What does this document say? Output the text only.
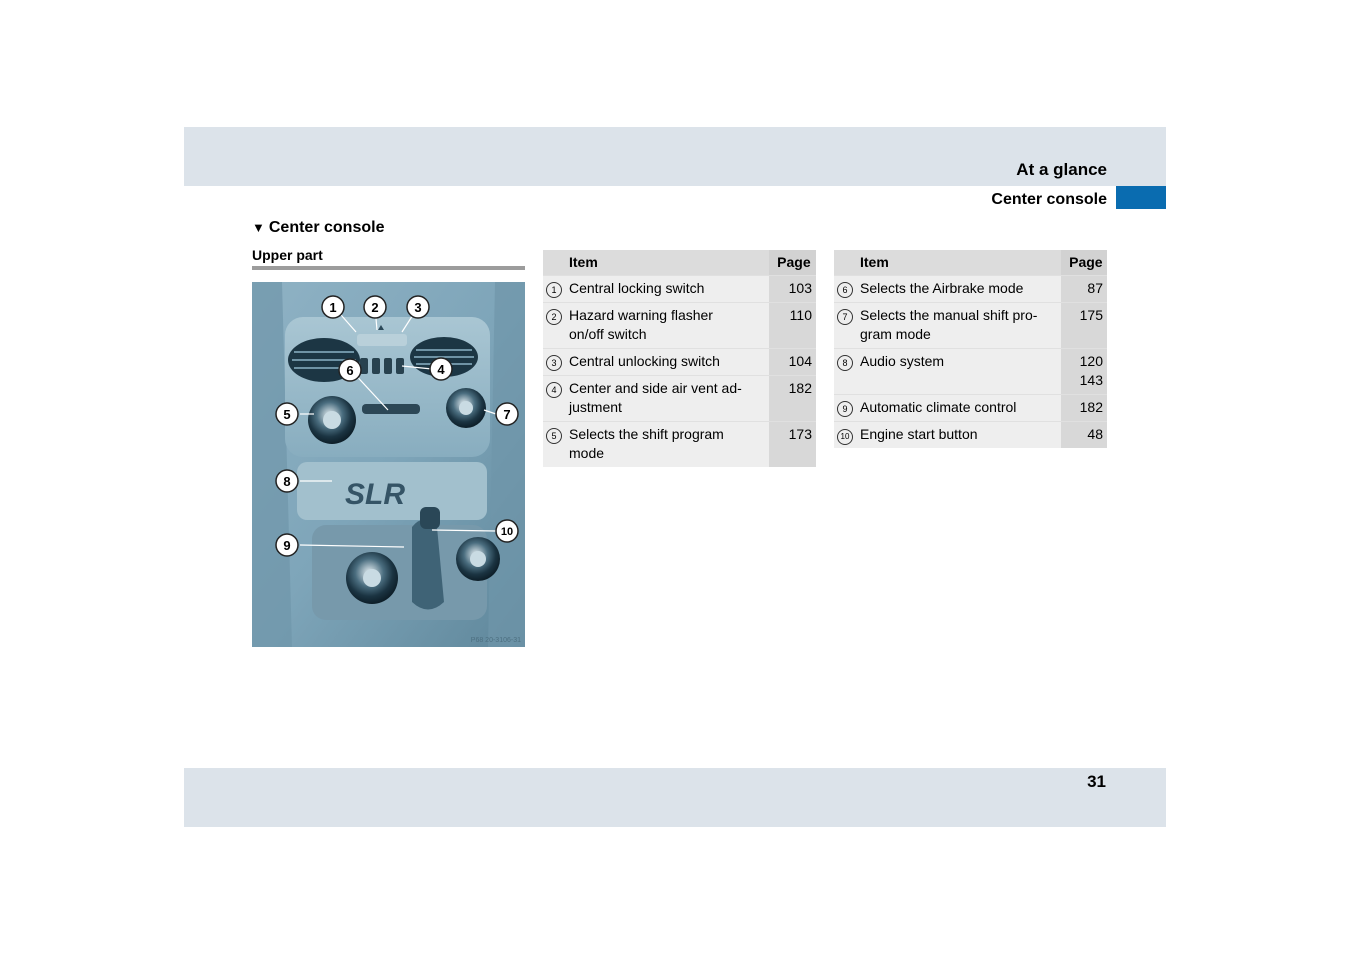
At a glance
Center console
▼ Center console
Upper part
SLR
1	2	3
4
5
6
7
8
9
10
P68 20-3106-31
	Item	Page
1	Central locking switch	103
2	Hazard warning flasher
on/off switch	110
3	Central unlocking switch	104
4	Center and side air vent ad-
justment	182
5	Selects the shift program
mode	173
	Item	Page
6	Selects the Airbrake mode	87
7	Selects the manual shift pro-
gram mode	175
8	Audio system	120
143

9	Automatic climate control	182
10	Engine start button	48
31
